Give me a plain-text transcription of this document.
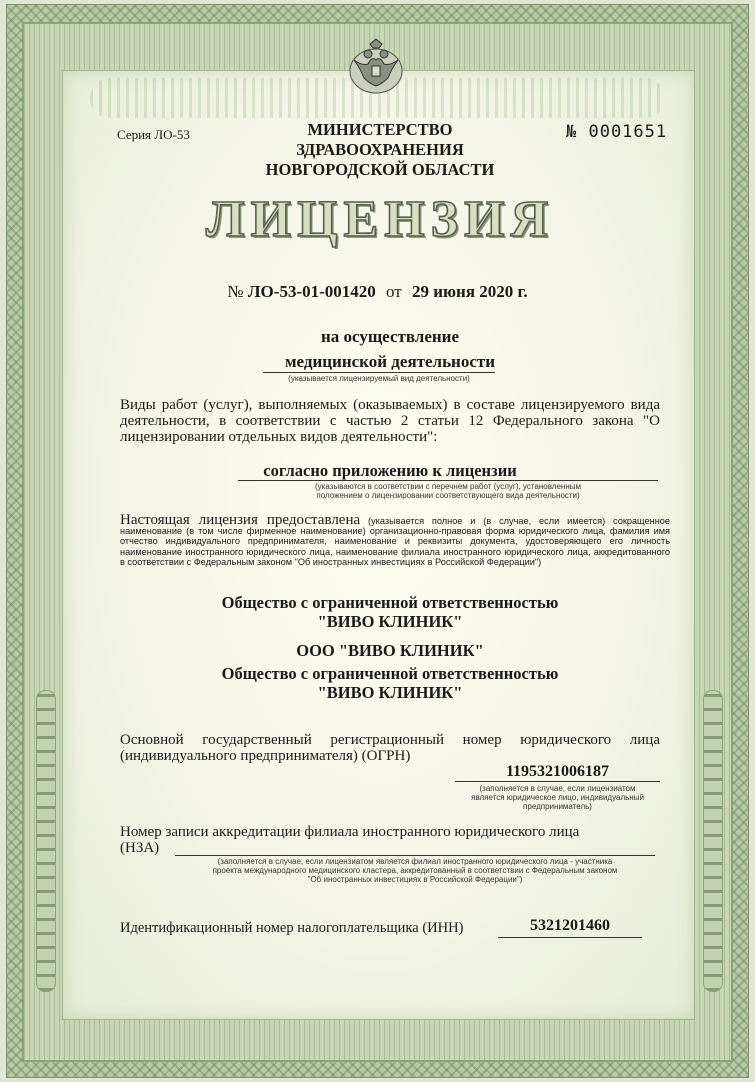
Серия ЛО-53	№ 0001651
МИНИСТЕРСТВО
ЗДРАВООХРАНЕНИЯ
НОВГОРОДСКОЙ ОБЛАСТИ
ЛИЦЕНЗИЯ
№ ЛО-53-01-001420 от 29 июня 2020 г.
на осуществление
медицинской деятельности
(указывается лицензируемый вид деятельности)
Виды работ (услуг), выполняемых (оказываемых) в составе лицензируемого вида деятельности, в соответствии с частью 2 статьи 12 Федерального закона "О лицензировании отдельных видов деятельности":
согласно приложению к лицензии
(указываются в соответствии с перечнем работ (услуг), установленным
положением о лицензировании соответствующего вида деятельности)
Настоящая лицензия предоставлена (указывается полное и (в случае, если имеется) сокращенное наименование (в том числе фирменное наименование) организационно-правовая форма юридического лица, фамилия имя отчество индивидуального предпринимателя, наименование и реквизиты документа, удостоверяющего его личность наименование иностранного юридического лица, наименование филиала иностранного юридического лица, аккредитованного в соответствии с Федеральным законом "Об иностранных инвестициях в Российской Федерации")
Общество с ограниченной ответственностью
"ВИВО КЛИНИК"
ООО "ВИВО КЛИНИК"
Общество с ограниченной ответственностью
"ВИВО КЛИНИК"
Основной государственный регистрационный номер юридического лица (индивидуального предпринимателя) (ОГРН)
1195321006187
(заполняется в случае, если лицензиатом
является юридическое лицо, индивидуальный
предприниматель)
Номер записи аккредитации филиала иностранного юридического лица
(НЗА)
(заполняется в случае, если лицензиатом является филиал иностранного юридического лица - участника
проекта международного медицинского кластера, аккредитованный в соответствии с Федеральным законом
"Об иностранных инвестициях в Российской Федерации")
Идентификационный номер налогоплательщика (ИНН)	5321201460
